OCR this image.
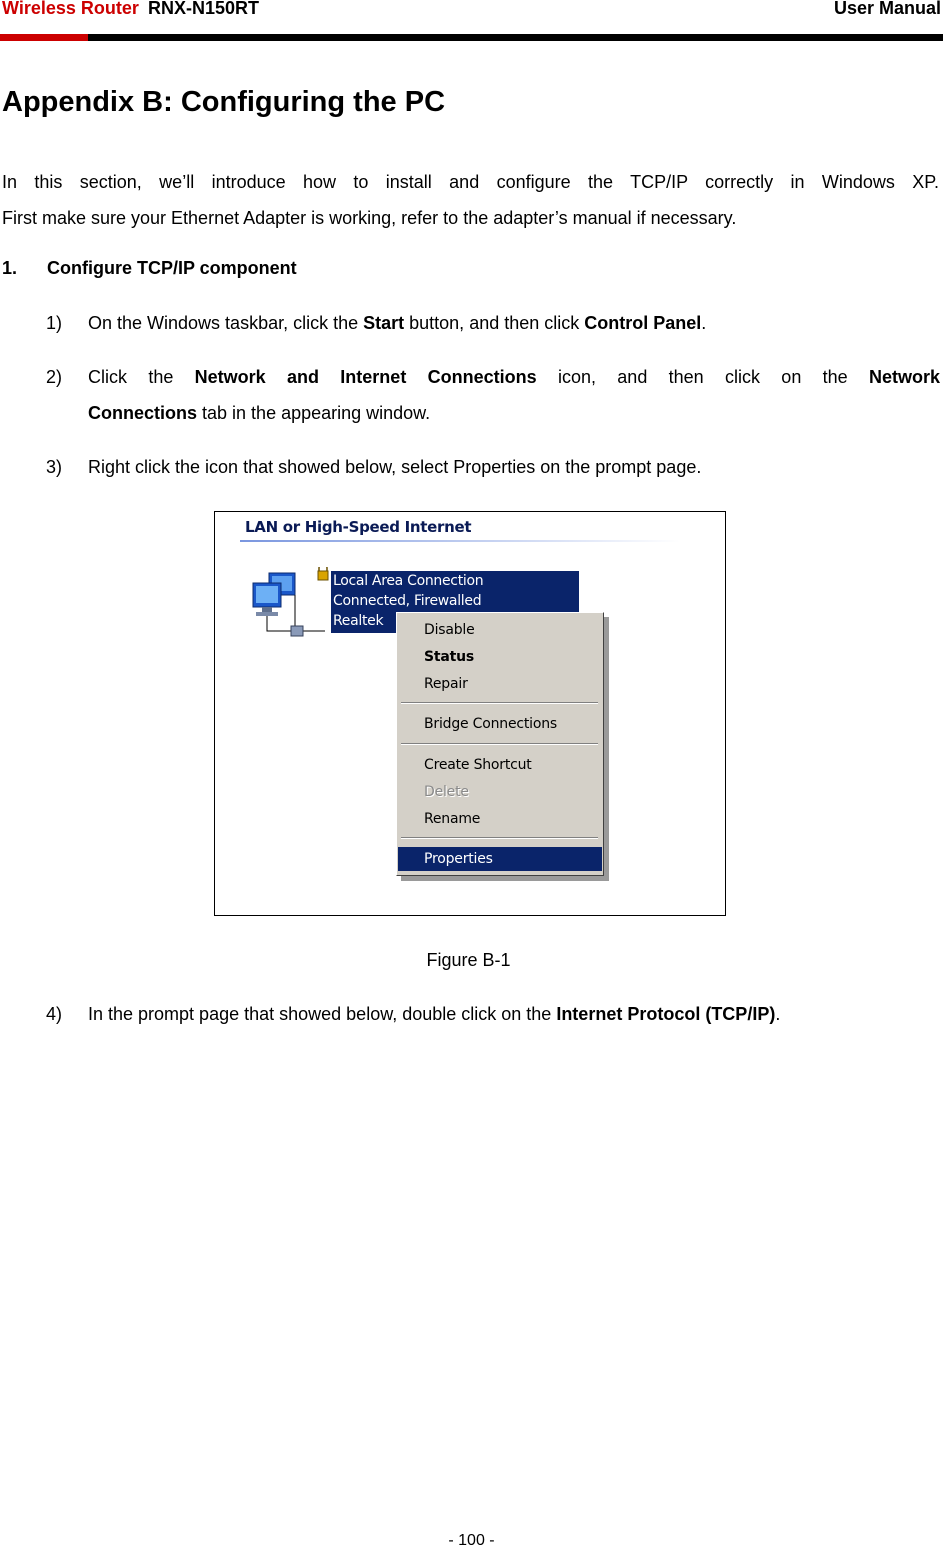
Wireless Router RNX-N150RT	User Manual
Appendix B: Configuring the PC
In this section, we’ll introduce how to install and configure the TCP/IP correctly in Windows XP.
First make sure your Ethernet Adapter is working, refer to the adapter’s manual if necessary.
1. Configure TCP/IP component
1) On the Windows taskbar, click the Start button, and then click Control Panel.
2) Click the Network and Internet Connections icon, and then click on the Network
Connections tab in the appearing window.
3) Right click the icon that showed below, select Properties on the prompt page.
LAN or High-Speed Internet
Local Area Connection
Connected, Firewalled
Realtek
Disable
Status
Repair
Bridge Connections
Create Shortcut
Delete
Rename
Properties
Figure B-1
4) In the prompt page that showed below, double click on the Internet Protocol (TCP/IP).
- 100 -
